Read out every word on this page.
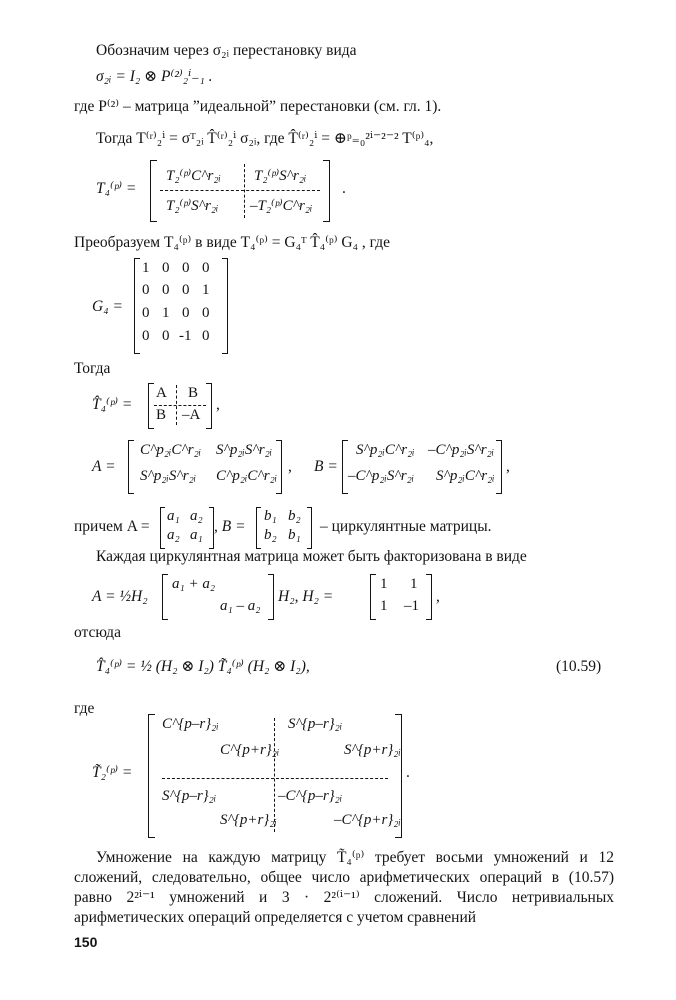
Обозначим через σ₂ᵢ перестановку вида
σ₂ᵢ = I₂ ⊗ P⁽²⁾₂ⁱ₋₁ .
где P⁽²⁾ – матрица ”идеальной” перестановки (см. гл. 1).
Тогда T⁽ʳ⁾₂ⁱ = σᵀ₂ᵢ T̂⁽ʳ⁾₂ⁱ σ₂ᵢ, где T̂⁽ʳ⁾₂ⁱ = ⊕ᵖ₌₀²ⁱ⁻²⁻² T⁽ᵖ⁾₄,
T₄⁽ᵖ⁾ =
T₂⁽ᵖ⁾C^r₂ᵢ T₂⁽ᵖ⁾S^r₂ᵢ
T₂⁽ᵖ⁾S^r₂ᵢ –T₂⁽ᵖ⁾C^r₂ᵢ
.
Преобразуем T₄⁽ᵖ⁾ в виде T₄⁽ᵖ⁾ = G₄ᵀ T̂₄⁽ᵖ⁾ G₄ , где
G₄ =
1 0 0 0
0 0 0 1
0 1 0 0
0 0 -1 0
Тогда
T̂₄⁽ᵖ⁾ =
A B
B –A
,
A =
C^p₂ᵢC^r₂ᵢ S^p₂ᵢS^r₂ᵢ
S^p₂ᵢS^r₂ᵢ C^p₂ᵢC^r₂ᵢ
, B =
S^p₂ᵢC^r₂ᵢ –C^p₂ᵢS^r₂ᵢ
–C^p₂ᵢS^r₂ᵢ S^p₂ᵢC^r₂ᵢ
,
причем A =
a₁ a₂
a₂ a₁ , B =
b₁ b₂
b₂ b₁ – циркулянтные матрицы.
Каждая циркулянтная матрица может быть факторизована в виде
A = ½H₂
a₁ + a₂
a₁ – a₂
H₂, H₂ =
1 1
1 –1
,
отсюда
T̂₄⁽ᵖ⁾ = ½ (H₂ ⊗ I₂) T̃₄⁽ᵖ⁾ (H₂ ⊗ I₂),	(10.59)
где
T̃₂⁽ᵖ⁾ =
C^{p–r}₂ᵢ	S^{p–r}₂ᵢ
C^{p+r}₂ᵢ	S^{p+r}₂ᵢ
S^{p–r}₂ᵢ	–C^{p–r}₂ᵢ
S^{p+r}₂ᵢ	–C^{p+r}₂ᵢ
.
Умножение на каждую матрицу T̃₄⁽ᵖ⁾ требует восьми умножений и 12 сложений, следовательно, общее число арифметических операций в (10.57) равно 2²ⁱ⁻¹ умножений и 3 · 2²⁽ⁱ⁻¹⁾ сложений. Число нетривиальных арифметических операций определяется с учетом сравнений
150
